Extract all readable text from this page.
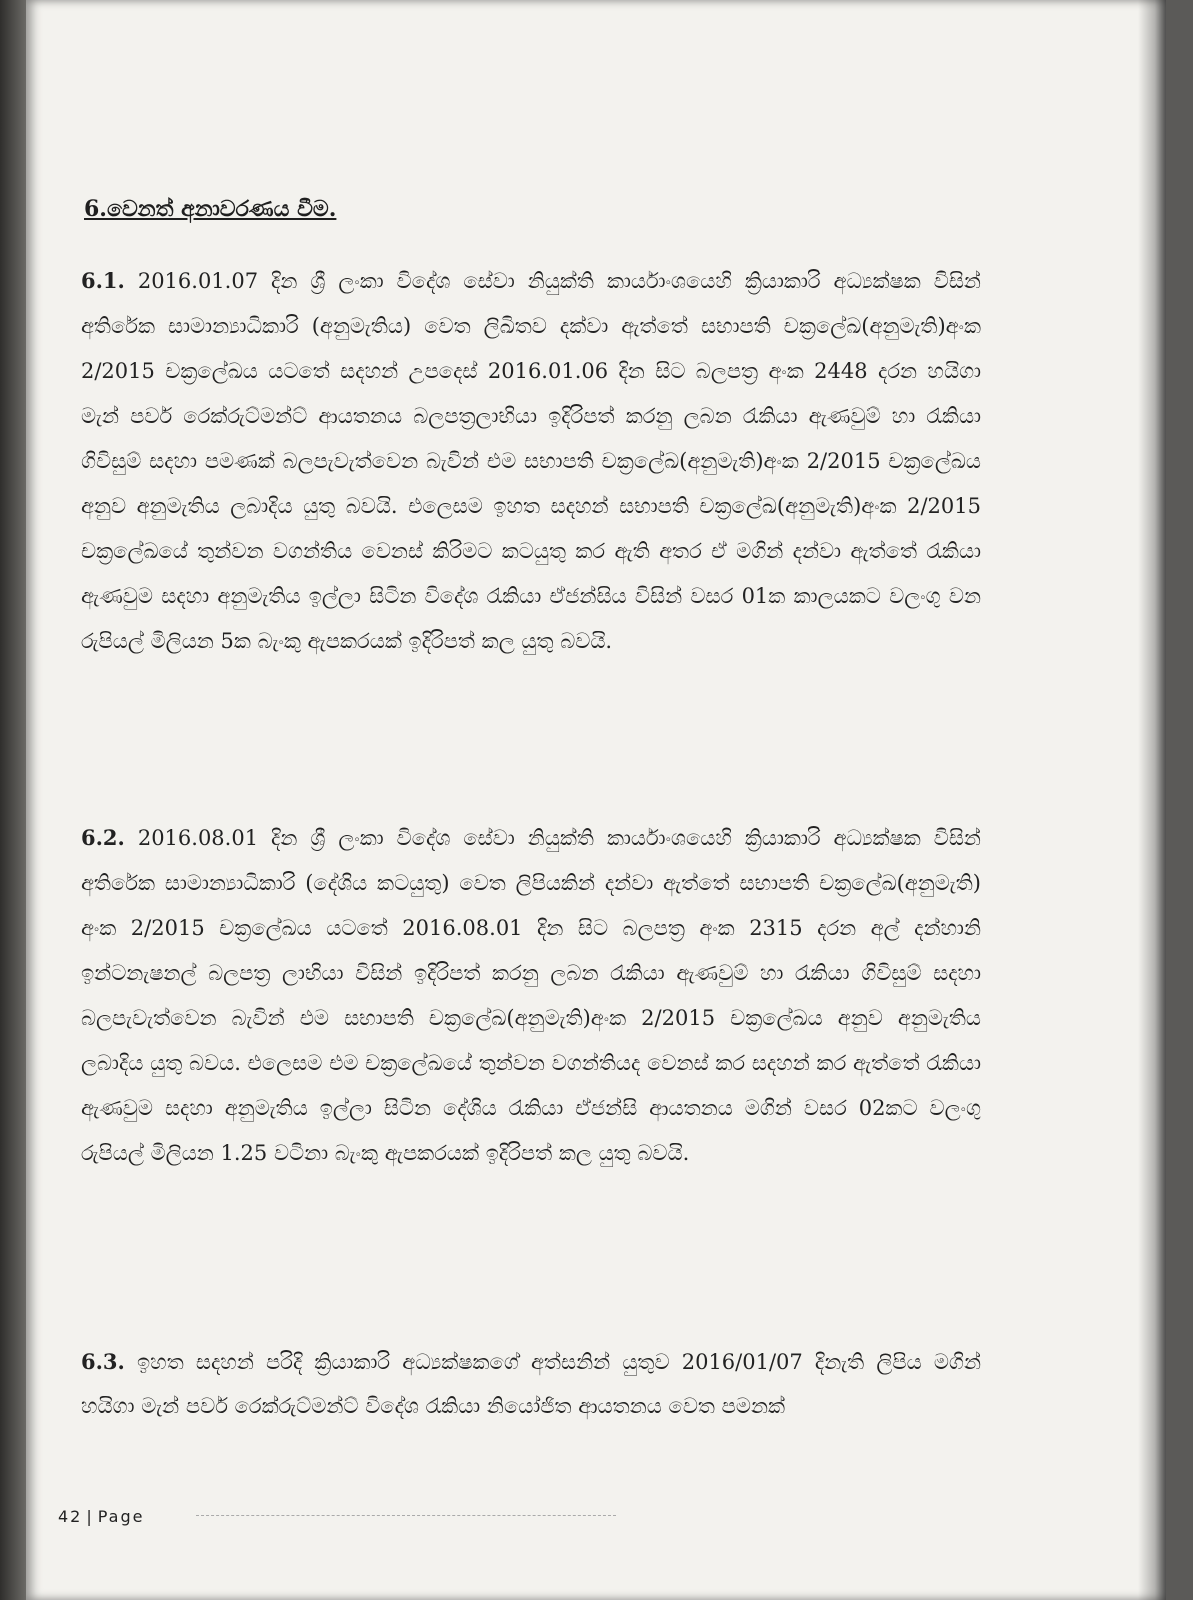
6.වෙනත් අනාවරණය වීම.
6.1. 2016.01.07 දින ශ්‍රී ලංකා විදේශ සේවා නියුක්ති කාර්යාංශයෙහි ක්‍රියාකාරි අධ්‍යක්ෂක විසින් අතිරේක සාමාන්‍යාධිකාරි (අනුමැතිය) වෙත ලිඛිතව දක්වා ඇත්තේ සභාපති චක්‍රලේඛ(අනුමැති)අංක 2/2015 චක්‍රලේඛය යටතේ සදහන් උපදෙස් 2016.01.06 දින සිට බලපත්‍ර අංක 2448 දරන හයිගා මැන් පවර් රෙක්රුට්මන්ට් ආයතනය බලපත්‍රලාභියා ඉදිරිපත් කරනු ලබන රැකියා ඇණවුම් හා රැකියා ගිවිසුම් සදහා පමණක් බලපැවැත්වෙන බැවින් එම සභාපති චක්‍රලේඛ(අනුමැති)අංක 2/2015 චක්‍රලේඛය අනුව අනුමැතිය ලබාදිය යුතු බවයි. එලෙසම ඉහත සදහන් සභාපති චක්‍රලේඛ(අනුමැති)අංක 2/2015 චක්‍රලේඛයේ තුන්වන වගන්තිය වෙනස් කිරිමට කටයුතු කර ඇති අතර ඒ මගින් දන්වා ඇත්තේ රැකියා ඇණවුම සදහා අනුමැතිය ඉල්ලා සිටින විදේශ රැකියා ඒජන්සිය විසින් වසර 01ක කාලයකට වලංගු වන රුපියල් මිලියන 5ක බැංකු ඇපකරයක් ඉදිරිපත් කල යුතු බවයි.
6.2. 2016.08.01 දින ශ්‍රී ලංකා විදේශ සේවා නියුක්ති කාර්යාංශයෙහි ක්‍රියාකාරි අධ්‍යක්ෂක විසින් අතිරේක සාමාන්‍යාධිකාරි (දේශිය කටයුතු) වෙත ලිපියකින් දන්වා ඇත්තේ සභාපති චක්‍රලේඛ(අනුමැති) අංක 2/2015 චක්‍රලේඛය යටතේ 2016.08.01 දින සිට බලපත්‍ර අංක 2315 දරන අල් දන්හානි ඉන්ටනැෂනල් බලපත්‍ර ලාභියා විසින් ඉදිරිපත් කරනු ලබන රැකියා ඇණවුම් හා රැකියා ගිවිසුම් සදහා බලපැවැත්වෙන බැවින් එම සභාපති චක්‍රලේඛ(අනුමැති)අංක 2/2015 චක්‍රලේඛය අනුව අනුමැතිය ලබාදිය යුතු බවය. එලෙසම එම චක්‍රලේඛයේ තුන්වන වගන්තියද වෙනස් කර සදහන් කර ඇත්තේ රැකියා ඇණවුම සදහා අනුමැතිය ඉල්ලා සිටින දේශිය රැකියා ඒජන්සි ආයතනය මගින් වසර 02කට වලංගු රුපියල් මිලියන 1.25 වටිනා බැංකු ඇපකරයක් ඉදිරිපත් කල යුතු බවයි.
6.3. ඉහත සදහන් පරිදි ක්‍රියාකාරි අධ්‍යක්ෂකගේ අත්සනින් යුතුව 2016/01/07 දිනැති ලිපිය මගින් හයිගා මැන් පවර් රෙක්රුට්මන්ට් විදේශ රැකියා නියෝජිත ආයතනය වෙත පමනක්
42 | Page
